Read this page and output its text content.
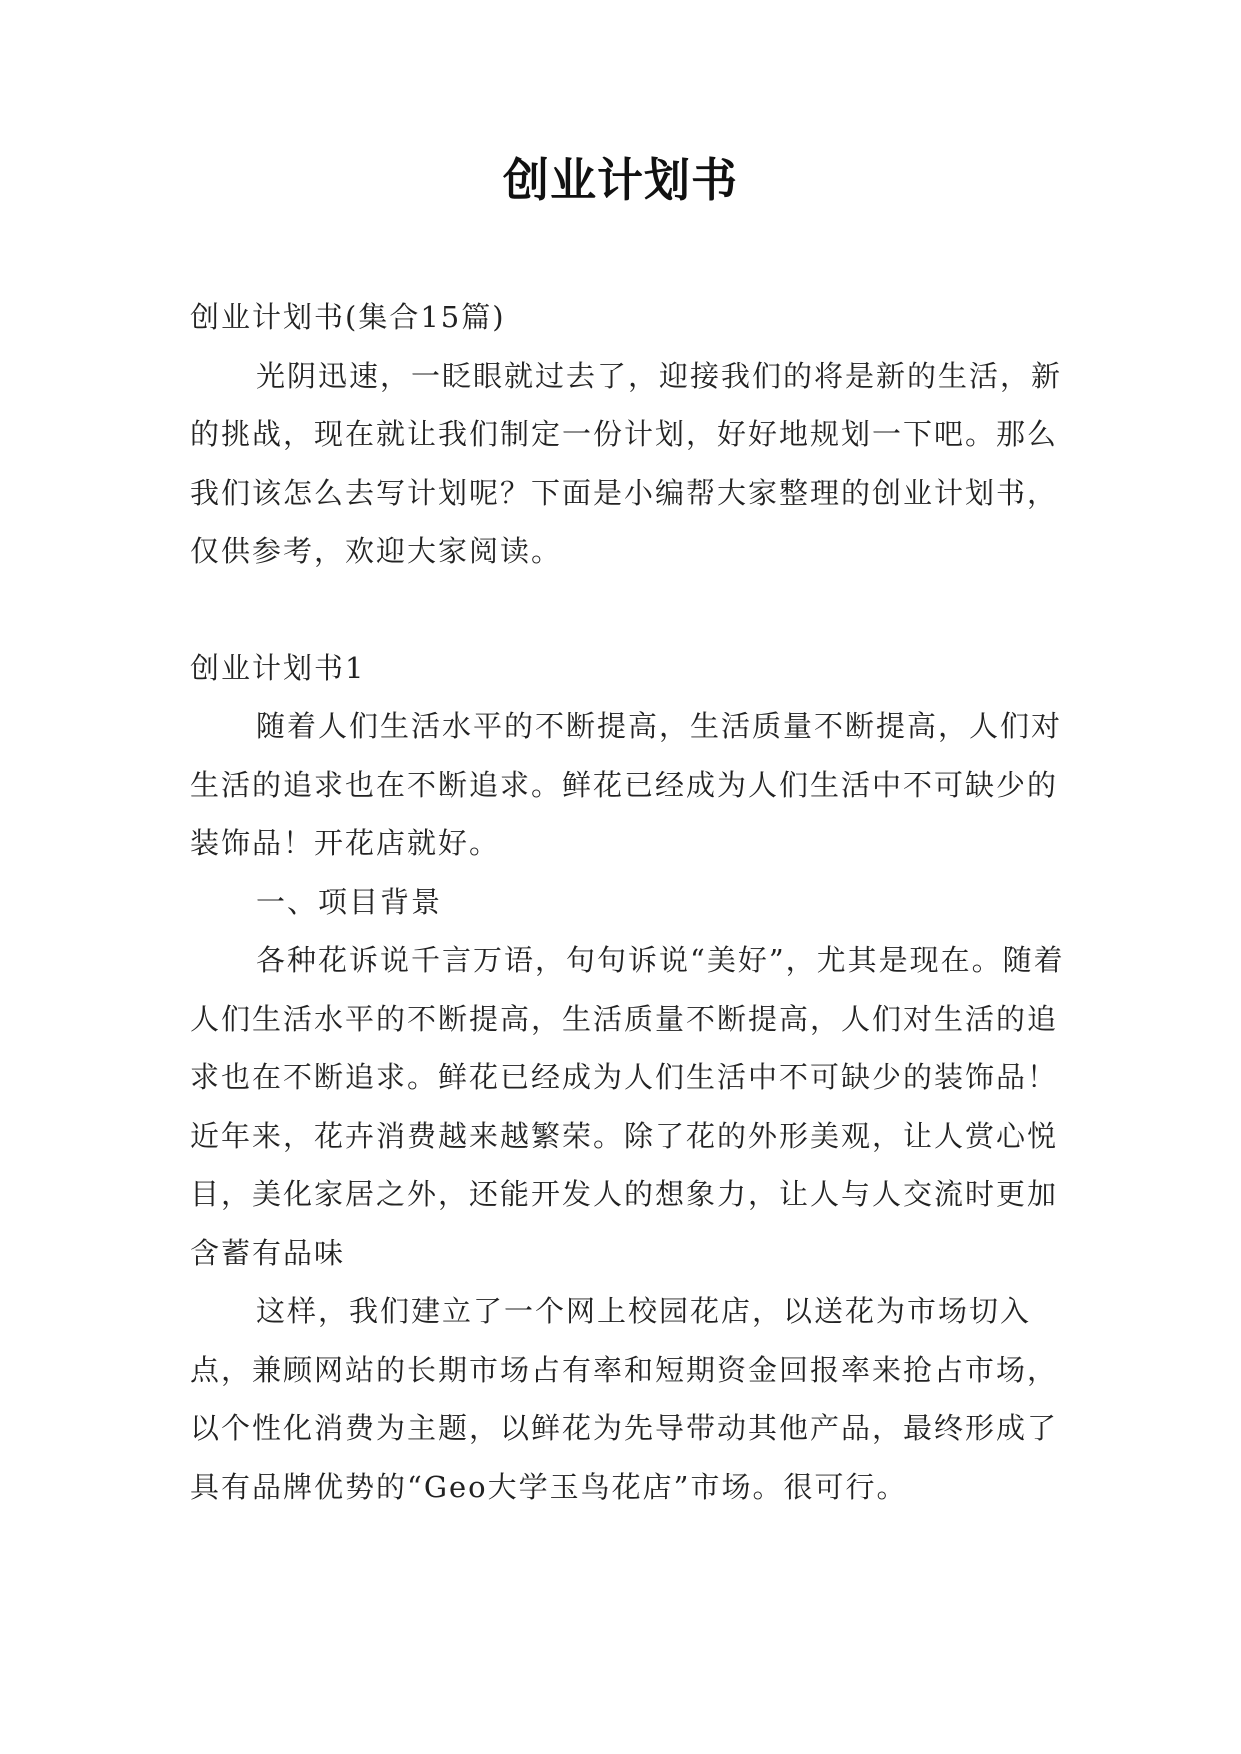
创业计划书

创业计划书(集合15篇)

光阴迅速，一眨眼就过去了，迎接我们的将是新的生活，新的挑战，现在就让我们制定一份计划，好好地规划一下吧。那么我们该怎么去写计划呢？下面是小编帮大家整理的创业计划书，仅供参考，欢迎大家阅读。

创业计划书1

随着人们生活水平的不断提高，生活质量不断提高，人们对生活的追求也在不断追求。鲜花已经成为人们生活中不可缺少的装饰品！开花店就好。

一、项目背景

各种花诉说千言万语，句句诉说“美好”，尤其是现在。随着人们生活水平的不断提高，生活质量不断提高，人们对生活的追求也在不断追求。鲜花已经成为人们生活中不可缺少的装饰品！近年来，花卉消费越来越繁荣。除了花的外形美观，让人赏心悦目，美化家居之外，还能开发人的想象力，让人与人交流时更加含蓄有品味

这样，我们建立了一个网上校园花店，以送花为市场切入点，兼顾网站的长期市场占有率和短期资金回报率来抢占市场，以个性化消费为主题，以鲜花为先导带动其他产品，最终形成了具有品牌优势的“Geo大学玉鸟花店”市场。很可行。
